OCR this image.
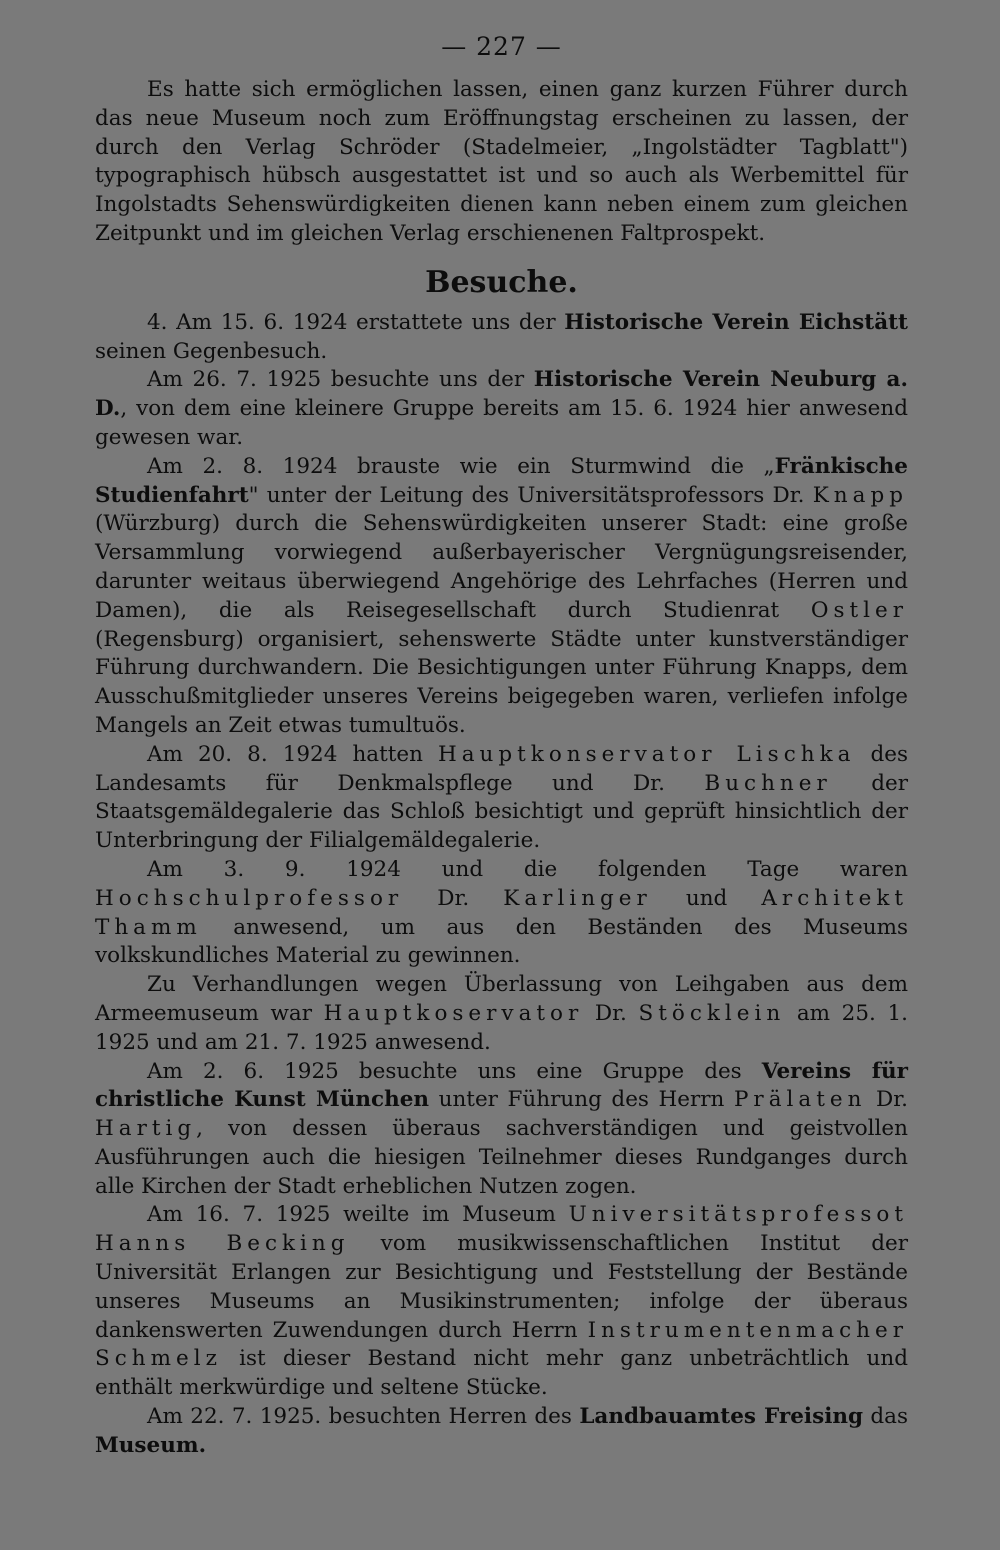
— 227 —

Es hatte sich ermöglichen lassen, einen ganz kurzen Führer durch das neue Museum noch zum Eröffnungstag erscheinen zu lassen, der durch den Verlag Schröder (Stadelmeier, „Ingolstädter Tagblatt") typographisch hübsch ausgestattet ist und so auch als Werbemittel für Ingolstadts Sehenswürdigkeiten dienen kann neben einem zum gleichen Zeitpunkt und im gleichen Verlag erschienenen Faltprospekt.

Besuche.

4. Am 15. 6. 1924 erstattete uns der Historische Verein Eichstätt seinen Gegenbesuch.

Am 26. 7. 1925 besuchte uns der Historische Verein Neuburg a. D., von dem eine kleinere Gruppe bereits am 15. 6. 1924 hier anwesend gewesen war.

Am 2. 8. 1924 brauste wie ein Sturmwind die „Fränkische Studienfahrt" unter der Leitung des Universitätsprofessors Dr. Knapp (Würzburg) durch die Sehenswürdigkeiten unserer Stadt: eine große Versammlung vorwiegend außerbayerischer Vergnügungsreisender, darunter weitaus überwiegend Angehörige des Lehrfaches (Herren und Damen), die als Reisegesellschaft durch Studienrat Ostler (Regensburg) organisiert, sehenswerte Städte unter kunstverständiger Führung durchwandern. Die Besichtigungen unter Führung Knapps, dem Ausschußmitglieder unseres Vereins beigegeben waren, verliefen infolge Mangels an Zeit etwas tumultuös.

Am 20. 8. 1924 hatten Hauptkonservator Lischka des Landesamts für Denkmalspflege und Dr. Buchner der Staatsgemäldegalerie das Schloß besichtigt und geprüft hinsichtlich der Unterbringung der Filialgemäldegalerie.

Am 3. 9. 1924 und die folgenden Tage waren Hochschulprofessor Dr. Karlinger und Architekt Thamm anwesend, um aus den Beständen des Museums volkskundliches Material zu gewinnen.

Zu Verhandlungen wegen Überlassung von Leihgaben aus dem Armeemuseum war Hauptkoservator Dr. Stöcklein am 25. 1. 1925 und am 21. 7. 1925 anwesend.

Am 2. 6. 1925 besuchte uns eine Gruppe des Vereins für christliche Kunst München unter Führung des Herrn Prälaten Dr. Hartig, von dessen überaus sachverständigen und geistvollen Ausführungen auch die hiesigen Teilnehmer dieses Rundganges durch alle Kirchen der Stadt erheblichen Nutzen zogen.

Am 16. 7. 1925 weilte im Museum Universitätsprofessot Hanns Becking vom musikwissenschaftlichen Institut der Universität Erlangen zur Besichtigung und Feststellung der Bestände unseres Museums an Musikinstrumenten; infolge der überaus dankenswerten Zuwendungen durch Herrn Instrumentenmacher Schmelz ist dieser Bestand nicht mehr ganz unbeträchtlich und enthält merkwürdige und seltene Stücke.

Am 22. 7. 1925. besuchten Herren des Landbauamtes Freising das Museum.
